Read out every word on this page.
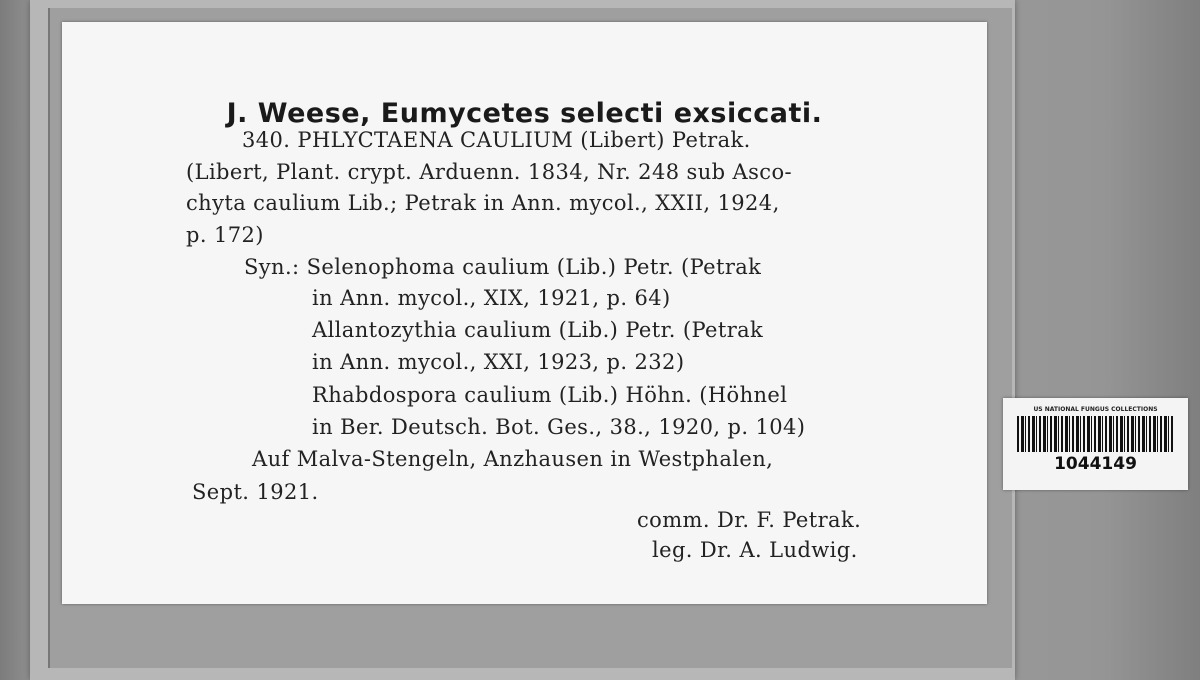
J. Weese, Eumycetes selecti exsiccati.
340. PHLYCTAENA CAULIUM (Libert) Petrak.
(Libert, Plant. crypt. Arduenn. 1834, Nr. 248 sub Asco-
chyta caulium Lib.; Petrak in Ann. mycol., XXII, 1924,
p. 172)
Syn.: Selenophoma caulium (Lib.) Petr. (Petrak
in Ann. mycol., XIX, 1921, p. 64)
Allantozythia caulium (Lib.) Petr. (Petrak
in Ann. mycol., XXI, 1923, p. 232)
Rhabdospora caulium (Lib.) Höhn. (Höhnel
in Ber. Deutsch. Bot. Ges., 38., 1920, p. 104)
Auf Malva-Stengeln, Anzhausen in Westphalen,
Sept. 1921.
comm. Dr. F. Petrak.
leg. Dr. A. Ludwig.
US NATIONAL FUNGUS COLLECTIONS
1044149
